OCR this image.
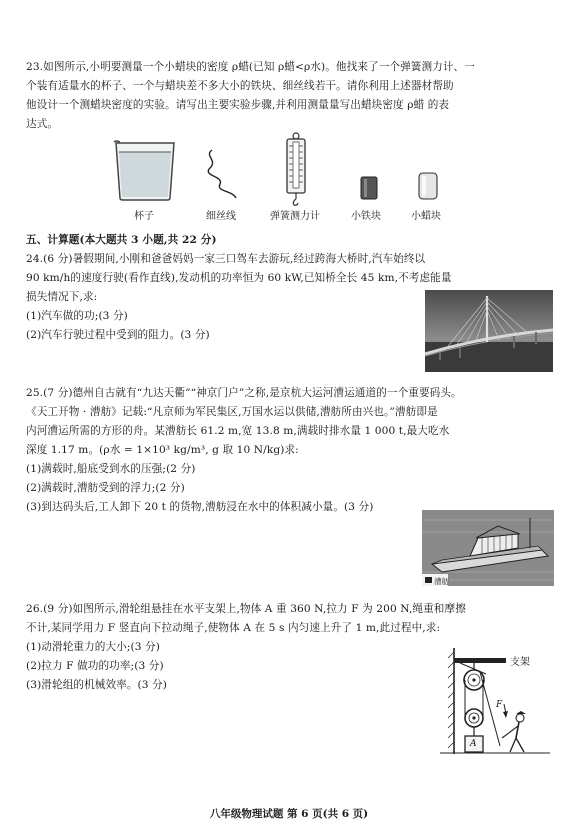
23.如图所示,小明要测量一个小蜡块的密度 ρ蜡(已知 ρ蜡<ρ水)。他找来了一个弹簧测力计、一
个装有适量水的杯子、一个与蜡块差不多大小的铁块、细丝线若干。请你利用上述器材帮助
他设计一个测蜡块密度的实验。请写出主要实验步骤,并利用测量量写出蜡块密度 ρ蜡 的表
达式。
杯子	细丝线	弹簧测力计	小铁块	小蜡块
五、计算题(本大题共 3 小题,共 22 分)
24.(6 分)暑假期间,小刚和爸爸妈妈一家三口驾车去游玩,经过跨海大桥时,汽车始终以
90 km/h的速度行驶(看作直线),发动机的功率恒为 60 kW,已知桥全长 45 km,不考虑能量
损失情况下,求:
(1)汽车做的功;(3 分)
(2)汽车行驶过程中受到的阻力。(3 分)
25.(7 分)德州自古就有“九达天衢”“神京门户”之称,是京杭大运河漕运通道的一个重要码头。
《天工开物 · 漕舫》记载:“凡京师为军民集区,万国水运以供储,漕舫所由兴也。”漕舫即是
内河漕运所需的方形的舟。某漕舫长 61.2 m,宽 13.8 m,满载时排水量 1 000 t,最大吃水
深度 1.17 m。(ρ水 = 1×10³ kg/m³, g 取 10 N/kg)求:
(1)满载时,船底受到水的压强;(2 分)
(2)满载时,漕舫受到的浮力;(2 分)
(3)到达码头后,工人卸下 20 t 的货物,漕舫浸在水中的体积减小量。(3 分)
漕舫
26.(9 分)如图所示,滑轮组悬挂在水平支架上,物体 A 重 360 N,拉力 F 为 200 N,绳重和摩擦
不计,某同学用力 F 竖直向下拉动绳子,使物体 A 在 5 s 内匀速上升了 1 m,此过程中,求:
(1)动滑轮重力的大小;(3 分)
(2)拉力 F 做功的功率;(3 分)
(3)滑轮组的机械效率。(3 分)
支架
F
A
八年级物理试题 第 6 页(共 6 页)
